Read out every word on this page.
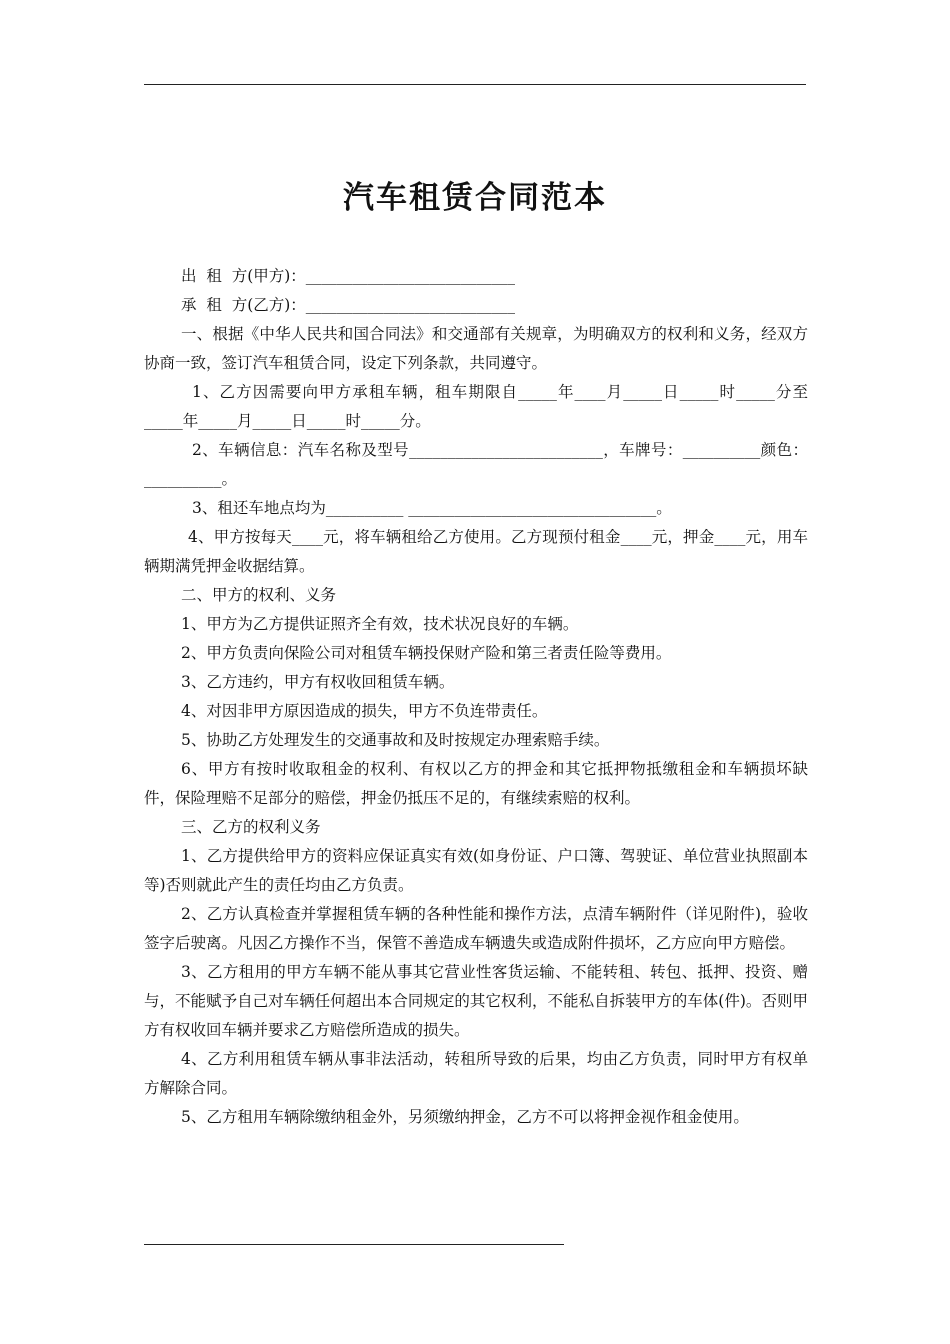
汽车租赁合同范本

出  租  方(甲方)：___________________________

承  租  方(乙方)：___________________________

一、根据《中华人民共和国合同法》和交通部有关规章，为明确双方的权利和义务，经双方协商一致，签订汽车租赁合同，设定下列条款，共同遵守。

1、乙方因需要向甲方承租车辆，租车期限自_____年____月_____日_____时_____分至_____年_____月_____日_____时_____分。

2、车辆信息：汽车名称及型号_________________________，车牌号：__________颜色：__________。

3、租还车地点均为__________ ________________________________。

4、甲方按每天____元，将车辆租给乙方使用。乙方现预付租金____元，押金____元，用车辆期满凭押金收据结算。

二、甲方的权利、义务

1、甲方为乙方提供证照齐全有效，技术状况良好的车辆。

2、甲方负责向保险公司对租赁车辆投保财产险和第三者责任险等费用。

3、乙方违约，甲方有权收回租赁车辆。

4、对因非甲方原因造成的损失，甲方不负连带责任。

5、协助乙方处理发生的交通事故和及时按规定办理索赔手续。

6、甲方有按时收取租金的权利、有权以乙方的押金和其它抵押物抵缴租金和车辆损坏缺件，保险理赔不足部分的赔偿，押金仍抵压不足的，有继续索赔的权利。

三、乙方的权利义务

1、乙方提供给甲方的资料应保证真实有效(如身份证、户口簿、驾驶证、单位营业执照副本等)否则就此产生的责任均由乙方负责。

2、乙方认真检查并掌握租赁车辆的各种性能和操作方法，点清车辆附件（详见附件)，验收签字后驶离。凡因乙方操作不当，保管不善造成车辆遗失或造成附件损坏，乙方应向甲方赔偿。

3、乙方租用的甲方车辆不能从事其它营业性客货运输、不能转租、转包、抵押、投资、赠与，不能赋予自己对车辆任何超出本合同规定的其它权利，不能私自拆装甲方的车体(件)。否则甲方有权收回车辆并要求乙方赔偿所造成的损失。

4、乙方利用租赁车辆从事非法活动，转租所导致的后果，均由乙方负责，同时甲方有权单方解除合同。

5、乙方租用车辆除缴纳租金外，另须缴纳押金，乙方不可以将押金视作租金使用。
